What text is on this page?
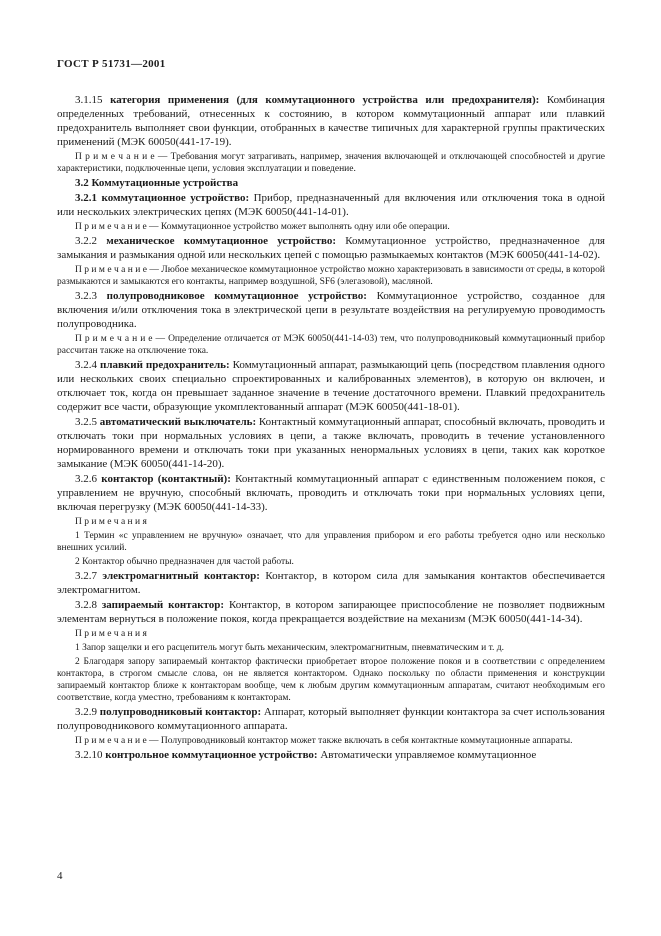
ГОСТ Р 51731—2001

3.1.15 категория применения (для коммутационного устройства или предохранителя): Комбинация определенных требований, отнесенных к состоянию, в котором коммутационный аппарат или плавкий предохранитель выполняет свои функции, отобранных в качестве типичных для характерной группы практических применений (МЭК 60050(441-17-19).

П р и м е ч а н и е — Требования могут затрагивать, например, значения включающей и отключающей способностей и другие характеристики, подключенные цепи, условия эксплуатации и поведение.

3.2 Коммутационные устройства

3.2.1 коммутационное устройство: Прибор, предназначенный для включения или отключения тока в одной или нескольких электрических цепях (МЭК 60050(441-14-01).

П р и м е ч а н и е — Коммутационное устройство может выполнять одну или обе операции.

3.2.2 механическое коммутационное устройство: Коммутационное устройство, предназначенное для замыкания и размыкания одной или нескольких цепей с помощью размыкаемых контактов (МЭК 60050(441-14-02).

П р и м е ч а н и е — Любое механическое коммутационное устройство можно характеризовать в зависимости от среды, в которой размыкаются и замыкаются его контакты, например воздушной, SF6 (элегазовой), масляной.

3.2.3 полупроводниковое коммутационное устройство: Коммутационное устройство, созданное для включения и/или отключения тока в электрической цепи в результате воздействия на регулируемую проводимость полупроводника.

П р и м е ч а н и е — Определение отличается от МЭК 60050(441-14-03) тем, что полупроводниковый коммутационный прибор рассчитан также на отключение тока.

3.2.4 плавкий предохранитель: Коммутационный аппарат, размыкающий цепь (посредством плавления одного или нескольких своих специально спроектированных и калиброванных элементов), в которую он включен, и отключает ток, когда он превышает заданное значение в течение достаточного времени. Плавкий предохранитель содержит все части, образующие укомплектованный аппарат (МЭК 60050(441-18-01).

3.2.5 автоматический выключатель: Контактный коммутационный аппарат, способный включать, проводить и отключать токи при нормальных условиях в цепи, а также включать, проводить в течение установленного нормированного времени и отключать токи при указанных ненормальных условиях в цепи, таких как короткое замыкание (МЭК 60050(441-14-20).

3.2.6 контактор (контактный): Контактный коммутационный аппарат с единственным положением покоя, с управлением не вручную, способный включать, проводить и отключать токи при нормальных условиях цепи, включая перегрузку (МЭК 60050(441-14-33).

П р и м е ч а н и я

1 Термин «с управлением не вручную» означает, что для управления прибором и его работы требуется одно или несколько внешних усилий.

2 Контактор обычно предназначен для частой работы.

3.2.7 электромагнитный контактор: Контактор, в котором сила для замыкания контактов обеспечивается электромагнитом.

3.2.8 запираемый контактор: Контактор, в котором запирающее приспособление не позволяет подвижным элементам вернуться в положение покоя, когда прекращается воздействие на механизм (МЭК 60050(441-14-34).

П р и м е ч а н и я

1 Запор защелки и его расцепитель могут быть механическим, электромагнитным, пневматическим и т. д.

2 Благодаря запору запираемый контактор фактически приобретает второе положение покоя и в соответствии с определением контактора, в строгом смысле слова, он не является контактором. Однако поскольку по области применения и конструкции запираемый контактор ближе к контакторам вообще, чем к любым другим коммутационным аппаратам, считают необходимым его соответствие, когда уместно, требованиям к контакторам.

3.2.9 полупроводниковый контактор: Аппарат, который выполняет функции контактора за счет использования полупроводникового коммутационного аппарата.

П р и м е ч а н и е — Полупроводниковый контактор может также включать в себя контактные коммутационные аппараты.

3.2.10 контрольное коммутационное устройство: Автоматически управляемое коммутационное

4
